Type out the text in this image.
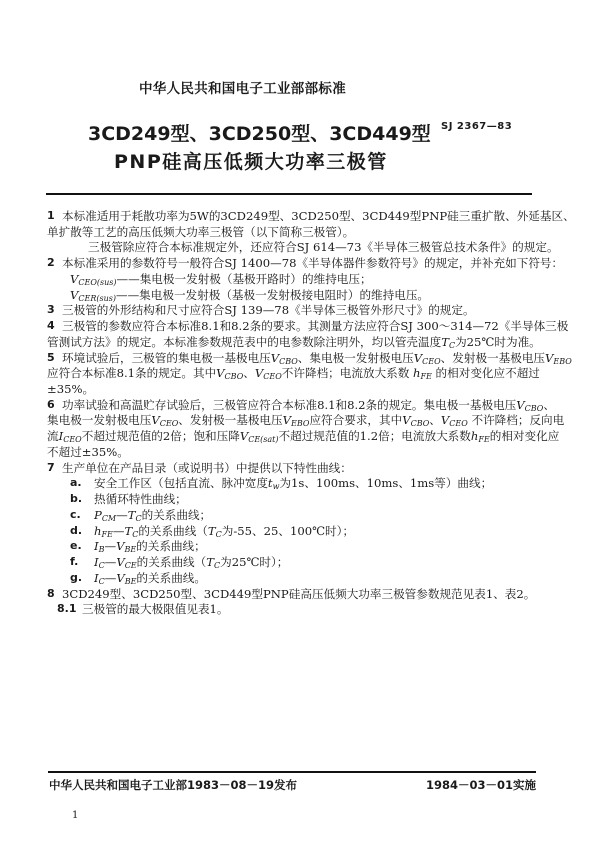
中华人民共和国电子工业部部标准
3CD249型、3CD250型、3CD449型
PNP硅高压低频大功率三极管
SJ 2367—83
1 本标准适用于耗散功率为5W的3CD249型、3CD250型、3CD449型PNP硅三重扩散、外延基区、
单扩散等工艺的高压低频大功率三极管（以下简称三极管）。
三极管除应符合本标准规定外，还应符合SJ 614—73《半导体三极管总技术条件》的规定。
2 本标准采用的参数符号一般符合SJ 1400—78《半导体器件参数符号》的规定，并补充如下符号：
$V_{CEO(sus)}——$集电极一发射极（基极开路时）的维持电压；
$V_{CER(sus)}——$集电极一发射极（基极一发射极接电阻时）的维持电压。
3 三极管的外形结构和尺寸应符合SJ 139—78《半导体三极管外形尺寸》的规定。
4 三极管的参数应符合本标准8.1和8.2条的要求。其测量方法应符合SJ 300～314—72《半导体三极
管测试方法》的规定。本标准参数规范表中的电参数除注明外，均以管壳温度$T_C$为25℃时为准。
5 环境试验后，三极管的集电极一基极电压$V_{CBO}$、集电极一发射极电压$V_{CEO}$、发射极一基极电压$V_{EBO}$
应符合本标准8.1条的规定。其中$V_{CBO}$、$V_{CEO}$不许降档；电流放大系数 $h_{FE}$ 的相对变化应不超过
±35%。
6 功率试验和高温贮存试验后，三极管应符合本标准8.1和8.2条的规定。集电极一基极电压$V_{CBO}$、
集电极一发射极电压$V_{CEO}$、发射极一基极电压$V_{EBO}$应符合要求，其中$V_{CBO}$、$V_{CEO}$ 不许降档；反向电
流$I_{CEO}$不超过规范值的2倍；饱和压降$V_{CE(sat)}$不超过规范值的1.2倍；电流放大系数$h_{FE}$的相对变化应
不超过±35%。
7 生产单位在产品目录（或说明书）中提供以下特性曲线：
a. 安全工作区（包括直流、脉冲宽度$t_w$为1s、100ms、10ms、1ms等）曲线；
b. 热循环特性曲线；
c. $P_{CM}—T_C$的关系曲线；
d. $h_{FE}—T_C$的关系曲线（$T_C$为-55、25、100℃时）；
e. $I_B—V_{BE}$的关系曲线；
f. $I_C—V_{CE}$的关系曲线（$T_C$为25℃时）；
g. $I_C—V_{BE}$的关系曲线。
8 3CD249型、3CD250型、3CD449型PNP硅高压低频大功率三极管参数规范见表1、表2。
8.1 三极管的最大极限值见表1。
中华人民共和国电子工业部1983－08－19发布	1984－03－01实施
1
